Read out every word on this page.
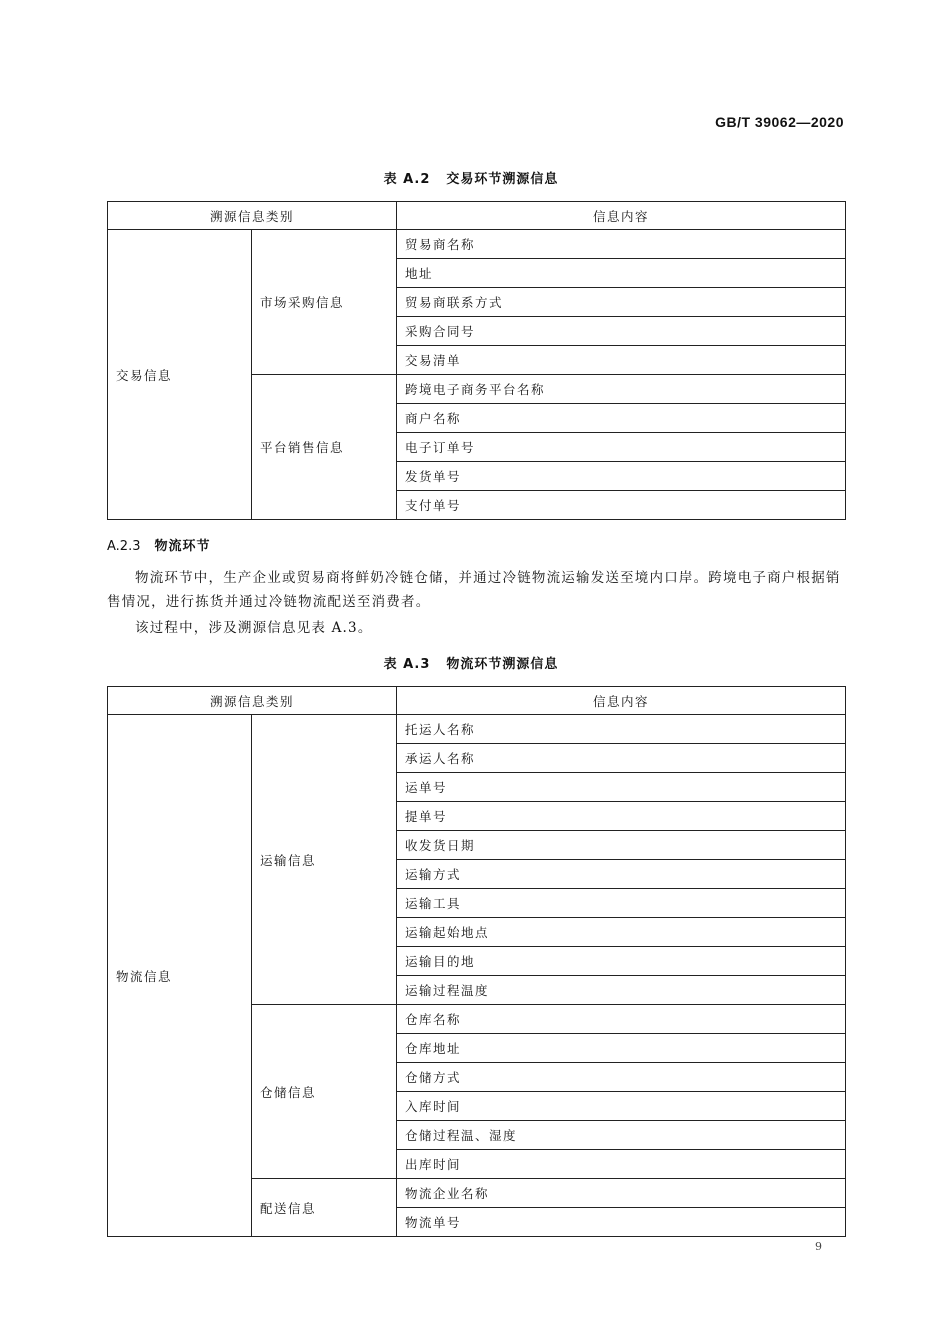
GB/T 39062—2020
表 A.2 交易环节溯源信息
溯源信息类别		信息内容
交易信息	市场采购信息	贸易商名称
		地址
		贸易商联系方式
		采购合同号
		交易清单
	平台销售信息	跨境电子商务平台名称
		商户名称
		电子订单号
		发货单号
		支付单号
A.2.3 物流环节

物流环节中，生产企业或贸易商将鲜奶冷链仓储，并通过冷链物流运输发送至境内口岸。跨境电子商户根据销售情况，进行拣货并通过冷链物流配送至消费者。

该过程中，涉及溯源信息见表 A.3。

表 A.3 物流环节溯源信息
溯源信息类别		信息内容
物流信息	运输信息	托运人名称
		承运人名称
		运单号
		提单号
		收发货日期
		运输方式
		运输工具
		运输起始地点
		运输目的地
		运输过程温度
	仓储信息	仓库名称
		仓库地址
		仓储方式
		入库时间
		仓储过程温、湿度
		出库时间
	配送信息	物流企业名称
		物流单号
9
